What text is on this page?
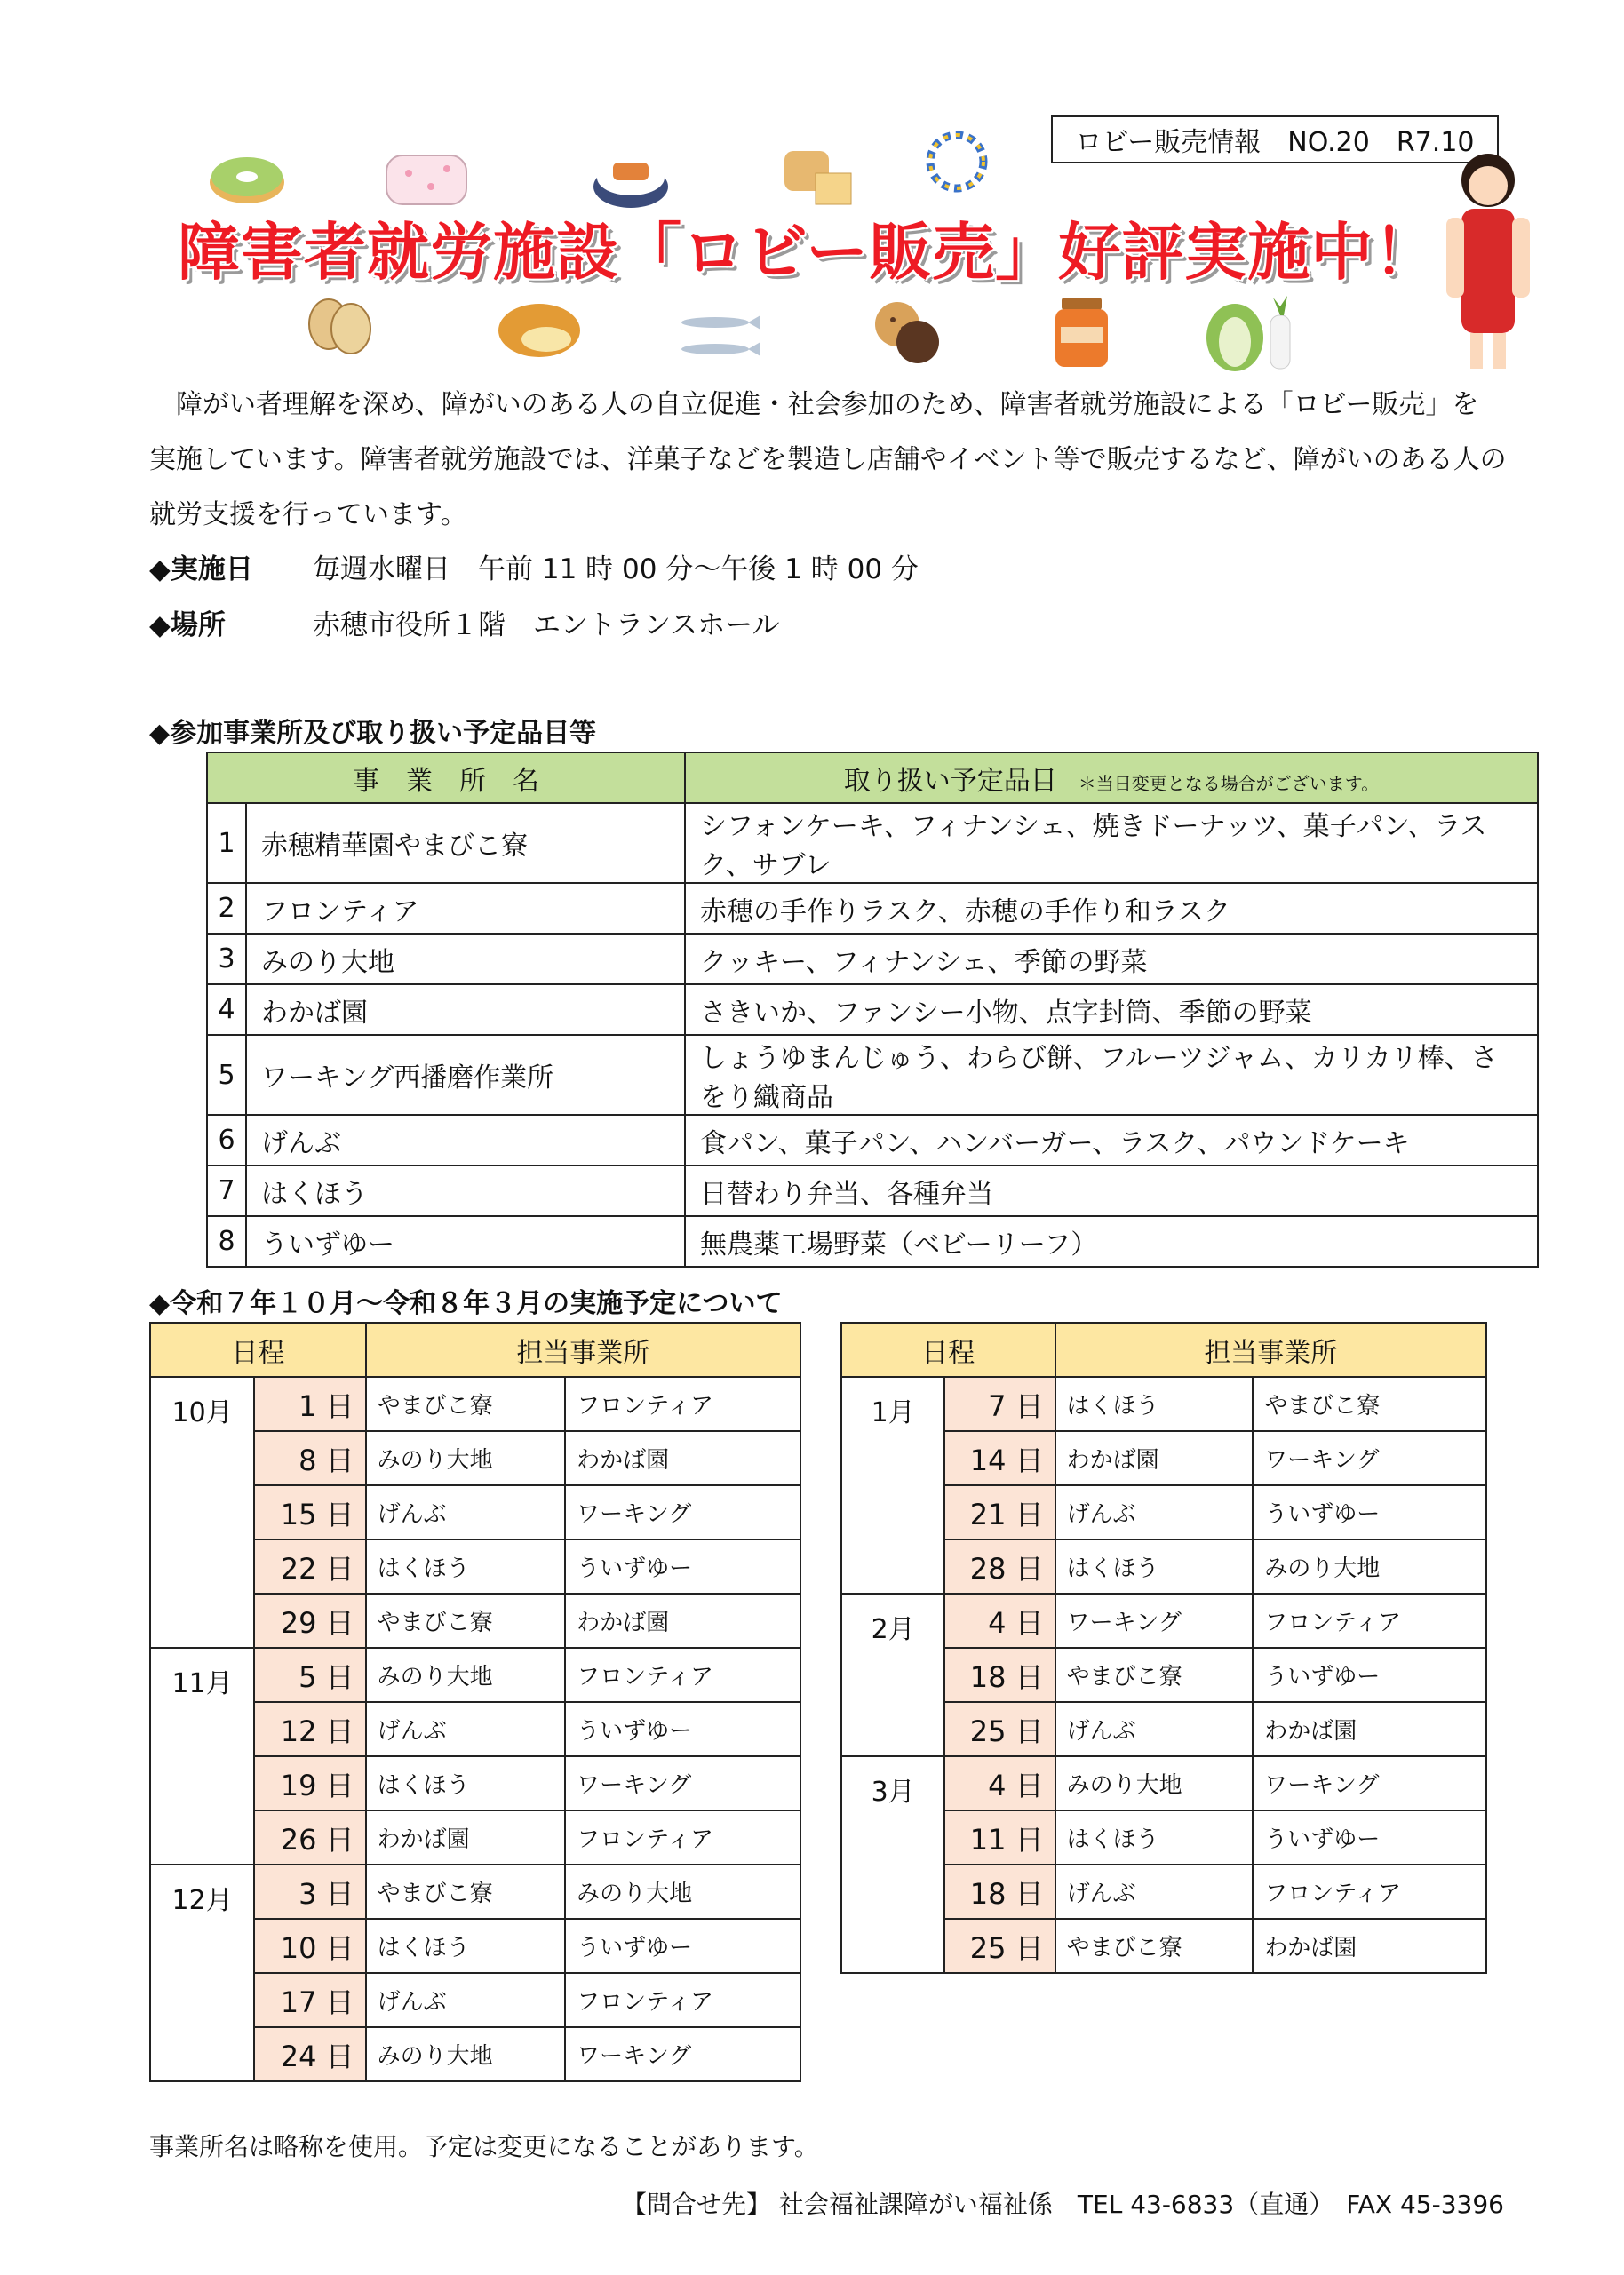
ロビー販売情報　NO.20　R7.10
障害者就労施設「ロビー販売」好評実施中！

　障がい者理解を深め、障がいのある人の自立促進・社会参加のため、障害者就労施設による「ロビー販売」を

実施しています。障害者就労施設では、洋菓子などを製造し店舗やイベント等で販売するなど、障がいのある人の

就労支援を行っています。

◆実施日 毎週水曜日　午前 11 時 00 分～午後 1 時 00 分
◆場所	赤穂市役所１階　エントランスホール
◆参加事業所及び取り扱い予定品目等
事　業　所　名		取り扱い予定品目 ＊当日変更となる場合がございます。
1	赤穂精華園やまびこ寮	シフォンケーキ、フィナンシェ、焼きドーナッツ、菓子パン、ラスク、サブレ
2	フロンティア	赤穂の手作りラスク、赤穂の手作り和ラスク
3	みのり大地	クッキー、フィナンシェ、季節の野菜
4	わかば園	さきいか、ファンシー小物、点字封筒、季節の野菜
5	ワーキング西播磨作業所	しょうゆまんじゅう、わらび餅、フルーツジャム、カリカリ棒、さをり織商品
6	げんぶ	食パン、菓子パン、ハンバーガー、ラスク、パウンドケーキ
7	はくほう	日替わり弁当、各種弁当
8	ういずゆー	無農薬工場野菜（ベビーリーフ）
◆令和７年１０月～令和８年３月の実施予定について
日程		担当事業所	
10月	1 日	やまびこ寮	フロンティア
	8 日	みのり大地	わかば園
	15 日	げんぶ	ワーキング
	22 日	はくほう	ういずゆー
	29 日	やまびこ寮	わかば園
11月	5 日	みのり大地	フロンティア
	12 日	げんぶ	ういずゆー
	19 日	はくほう	ワーキング
	26 日	わかば園	フロンティア
12月	3 日	やまびこ寮	みのり大地
	10 日	はくほう	ういずゆー
	17 日	げんぶ	フロンティア
	24 日	みのり大地	ワーキング
日程		担当事業所	
1月	7 日	はくほう	やまびこ寮
	14 日	わかば園	ワーキング
	21 日	げんぶ	ういずゆー
	28 日	はくほう	みのり大地
2月	4 日	ワーキング	フロンティア
	18 日	やまびこ寮	ういずゆー
	25 日	げんぶ	わかば園
3月	4 日	みのり大地	ワーキング
	11 日	はくほう	ういずゆー
	18 日	げんぶ	フロンティア
	25 日	やまびこ寮	わかば園
事業所名は略称を使用。予定は変更になることがあります。
【問合せ先】 社会福祉課障がい福祉係　TEL 43-6833（直通）　FAX 45-3396
